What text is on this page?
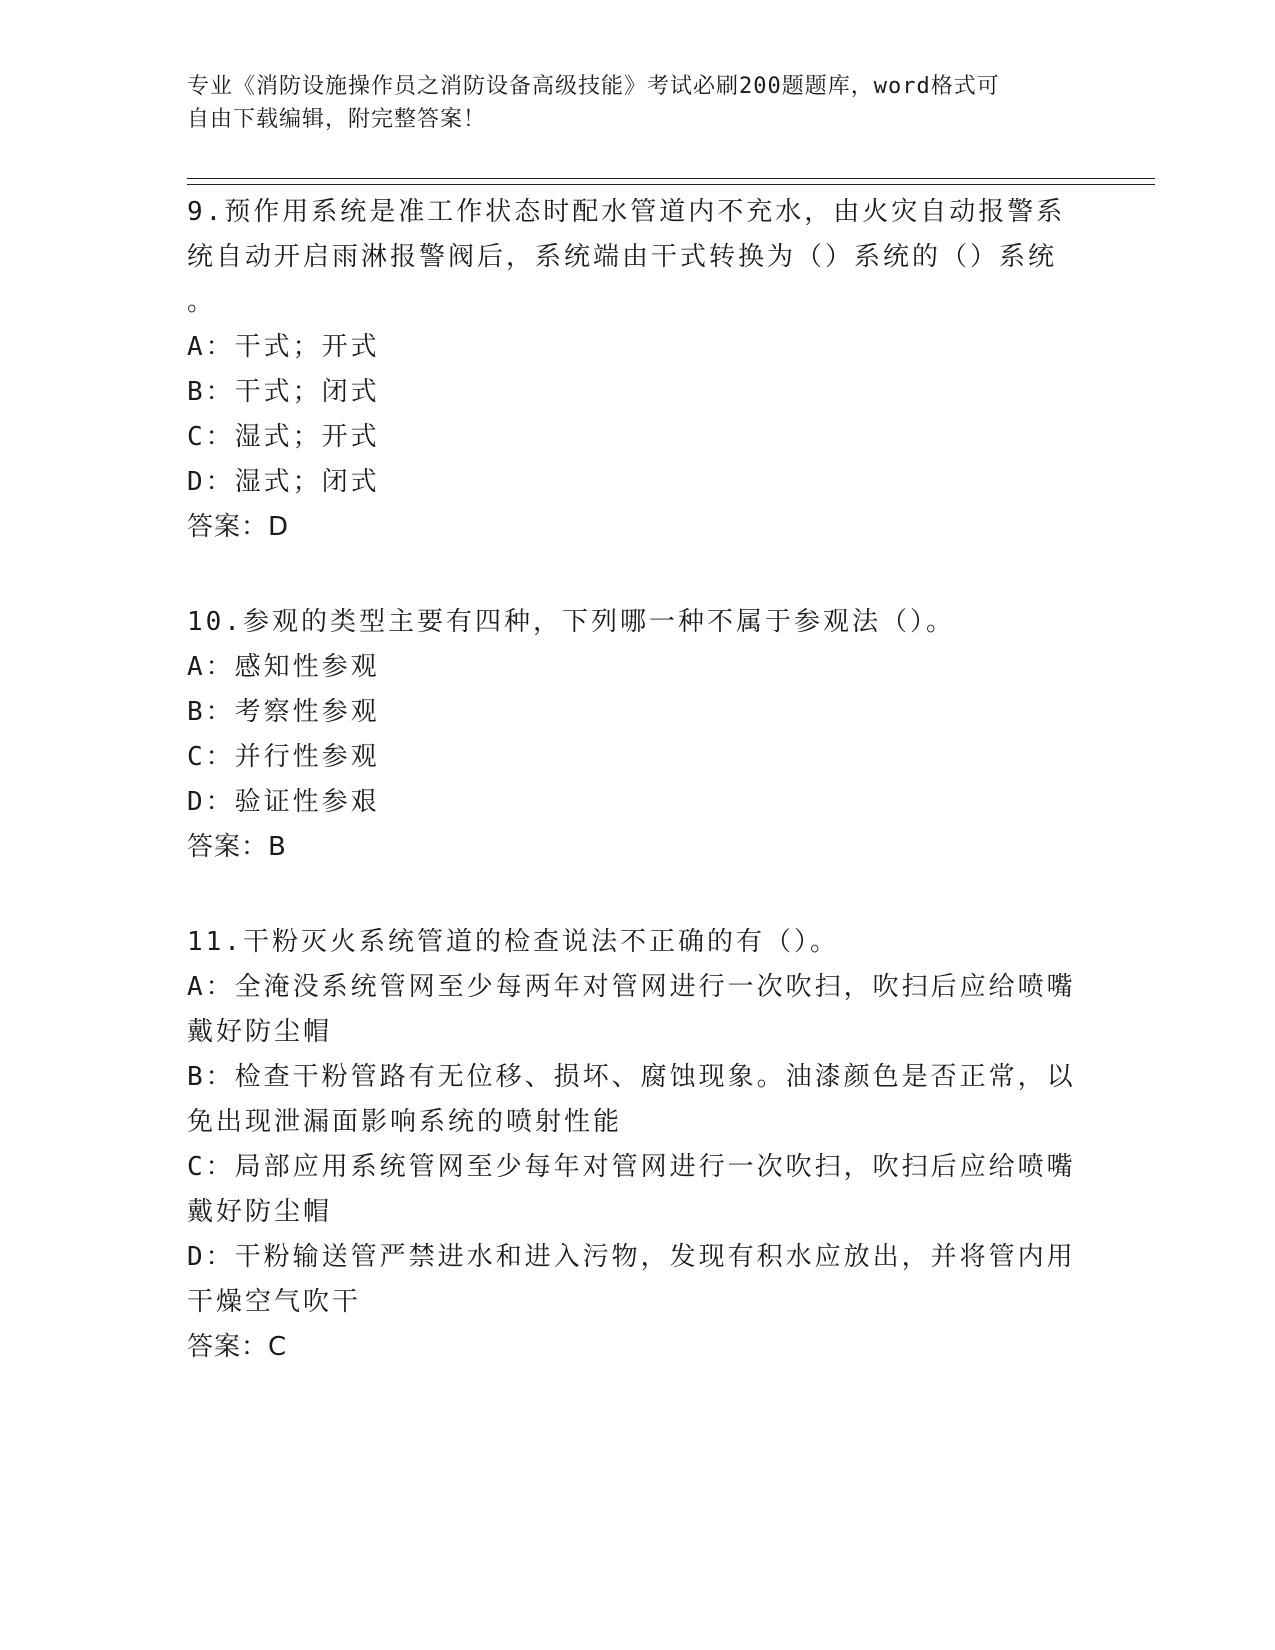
专业《消防设施操作员之消防设备高级技能》考试必刷200题题库，word格式可
自由下载编辑，附完整答案！
9.预作用系统是准工作状态时配水管道内不充水，由火灾自动报警系
统自动开启雨淋报警阀后，系统端由干式转换为（）系统的（）系统
。
A：干式；开式
B：干式；闭式
C：湿式；开式
D：湿式；闭式
答案：D
10.参观的类型主要有四种，下列哪一种不属于参观法（）。
A：感知性参观
B：考察性参观
C：并行性参观
D：验证性参艰
答案：B
11.干粉灭火系统管道的检查说法不正确的有（）。
A：全淹没系统管网至少每两年对管网进行一次吹扫，吹扫后应给喷嘴
戴好防尘帽
B：检查干粉管路有无位移、损坏、腐蚀现象。油漆颜色是否正常，以
免出现泄漏面影响系统的喷射性能
C：局部应用系统管网至少每年对管网进行一次吹扫，吹扫后应给喷嘴
戴好防尘帽
D：干粉输送管严禁进水和进入污物，发现有积水应放出，并将管内用
干燥空气吹干
答案：C
